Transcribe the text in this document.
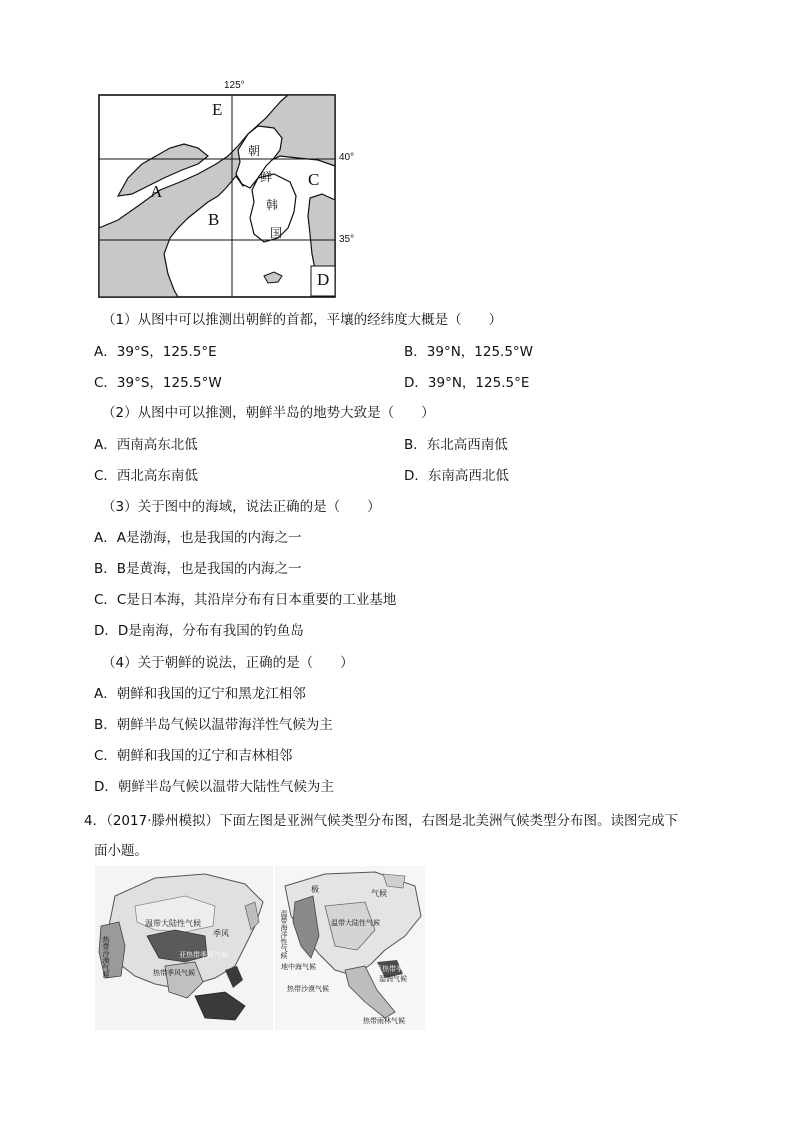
125°
40°
35°
E
A
B
C
D
朝
鲜
韩
国
（1）从图中可以推测出朝鲜的首都，平壤的经纬度大概是（　　）
A．39°S，125.5°E	B．39°N，125.5°W
C．39°S，125.5°W	D．39°N，125.5°E
（2）从图中可以推测，朝鲜半岛的地势大致是（　　）
A．西南高东北低	B．东北高西南低
C．西北高东南低	D．东南高西北低
（3）关于图中的海域，说法正确的是（　　）
A．A是渤海，也是我国的内海之一
B．B是黄海，也是我国的内海之一
C．C是日本海，其沿岸分布有日本重要的工业基地
D．D是南海，分布有我国的钓鱼岛
（4）关于朝鲜的说法，正确的是（　　）
A．朝鲜和我国的辽宁和黑龙江相邻
B．朝鲜半岛气候以温带海洋性气候为主
C．朝鲜和我国的辽宁和吉林相邻
D．朝鲜半岛气候以温带大陆性气候为主
4．（2017·滕州模拟）下面左图是亚洲气候类型分布图，右图是北美洲气候类型分布图。读图完成下
面小题。
温带大陆性气候
季风
亚热带季风气候
热带季风气候
热带沙漠气候
极	气候
温带海洋性气候	温带大陆性气候
地中海气候	亚热带季风
湿润气候
热带沙漠气候
热带雨林气候
